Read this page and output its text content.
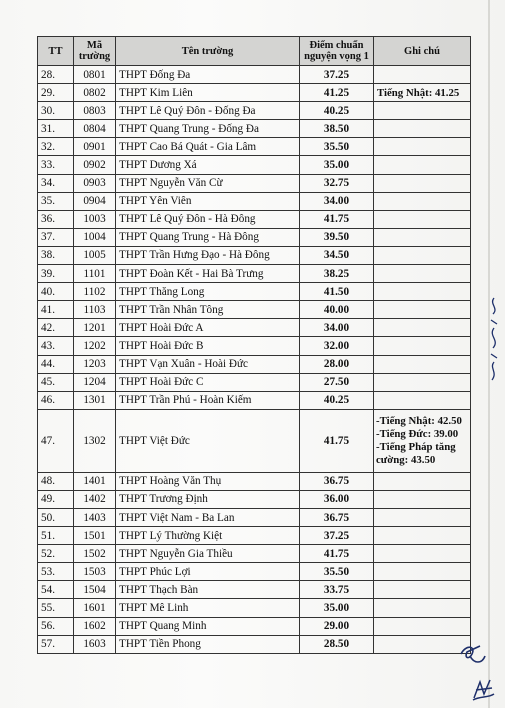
TT	Mã trường	Tên trường	Điểm chuẩn nguyện vọng 1	Ghi chú
28.	0801	THPT Đống Đa	37.25	
29.	0802	THPT Kim Liên	41.25	Tiếng Nhật: 41.25
30.	0803	THPT Lê Quý Đôn - Đống Đa	40.25	
31.	0804	THPT Quang Trung - Đống Đa	38.50	
32.	0901	THPT Cao Bá Quát - Gia Lâm	35.50	
33.	0902	THPT Dương Xá	35.00	
34.	0903	THPT Nguyễn Văn Cừ	32.75	
35.	0904	THPT Yên Viên	34.00	
36.	1003	THPT Lê Quý Đôn - Hà Đông	41.75	
37.	1004	THPT Quang Trung - Hà Đông	39.50	
38.	1005	THPT Trần Hưng Đạo - Hà Đông	34.50	
39.	1101	THPT Đoàn Kết - Hai Bà Trưng	38.25	
40.	1102	THPT Thăng Long	41.50	
41.	1103	THPT Trần Nhân Tông	40.00	
42.	1201	THPT Hoài Đức A	34.00	
43.	1202	THPT Hoài Đức B	32.00	
44.	1203	THPT Vạn Xuân - Hoài Đức	28.00	
45.	1204	THPT Hoài Đức C	27.50	
46.	1301	THPT Trần Phú - Hoàn Kiếm	40.25	
47.	1302	THPT Việt Đức	41.75	-Tiếng Nhật: 42.50
-Tiếng Đức: 39.00
-Tiếng Pháp tăng cường: 43.50

48.	1401	THPT Hoàng Văn Thụ	36.75	
49.	1402	THPT Trương Định	36.00	
50.	1403	THPT Việt Nam - Ba Lan	36.75	
51.	1501	THPT Lý Thường Kiệt	37.25	
52.	1502	THPT Nguyễn Gia Thiều	41.75	
53.	1503	THPT Phúc Lợi	35.50	
54.	1504	THPT Thạch Bàn	33.75	
55.	1601	THPT Mê Linh	35.00	
56.	1602	THPT Quang Minh	29.00	
57.	1603	THPT Tiền Phong	28.50	
